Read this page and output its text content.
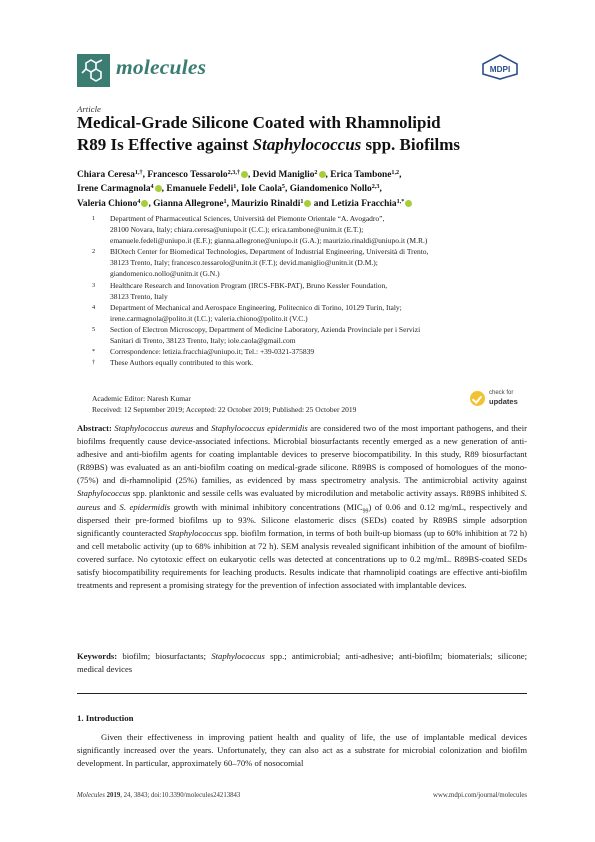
molecules	MDPI
Article
Medical-Grade Silicone Coated with Rhamnolipid
R89 Is Effective against Staphylococcus spp. Biofilms
Chiara Ceresa$^{1,\dagger}$, Francesco Tessarolo$^{2,3,\dagger}$ , Devid Maniglio$^2$ , Erica Tambone$^{1,2}$,
Irene Carmagnola$^4$ , Emanuele Fedeli$^1$, Iole Caola$^5$, Giandomenico Nollo$^{2,3}$,
Valeria Chiono$^4$ , Gianna Allegrone$^1$, Maurizio Rinaldi$^1$ and Letizia Fracchia$^{1,*}$
1 Department of Pharmaceutical Sciences, Università del Piemonte Orientale “A. Avogadro”,
28100 Novara, Italy; chiara.ceresa@uniupo.it (C.C.); erica.tambone@unitn.it (E.T.);
emanuele.fedeli@uniupo.it (E.F.); gianna.allegrone@uniupo.it (G.A.); maurizio.rinaldi@uniupo.it (M.R.)
2 BIOtech Center for Biomedical Technologies, Department of Industrial Engineering, Università di Trento,
38123 Trento, Italy; francesco.tessarolo@unitn.it (F.T.); devid.maniglio@unitn.it (D.M.);
giandomenico.nollo@unitn.it (G.N.)
3 Healthcare Research and Innovation Program (IRCS-FBK-PAT), Bruno Kessler Foundation,
38123 Trento, Italy
4 Department of Mechanical and Aerospace Engineering, Politecnico di Torino, 10129 Turin, Italy;
irene.carmagnola@polito.it (I.C.); valeria.chiono@polito.it (V.C.)
5 Section of Electron Microscopy, Department of Medicine Laboratory, Azienda Provinciale per i Servizi
Sanitari di Trento, 38123 Trento, Italy; iole.caola@gmail.com
* Correspondence: letizia.fracchia@uniupo.it; Tel.: +39-0321-375839
† These Authors equally contributed to this work.
Academic Editor: Naresh Kumar
Received: 12 September 2019; Accepted: 22 October 2019; Published: 25 October 2019
check for
updates
Abstract: Staphylococcus aureus and Staphylococcus epidermidis are considered two of the most important pathogens, and their biofilms frequently cause device-associated infections. Microbial biosurfactants recently emerged as a new generation of anti-adhesive and anti-biofilm agents for coating implantable devices to preserve biocompatibility. In this study, R89 biosurfactant (R89BS) was evaluated as an anti-biofilm coating on medical-grade silicone. R89BS is composed of homologues of the mono- (75%) and di-rhamnolipid (25%) families, as evidenced by mass spectrometry analysis. The antimicrobial activity against Staphylococcus spp. planktonic and sessile cells was evaluated by microdilution and metabolic activity assays. R89BS inhibited S. aureus and S. epidermidis growth with minimal inhibitory concentrations $(MIC_{99})$ of 0.06 and 0.12 mg/mL, respectively and dispersed their pre-formed biofilms up to 93%. Silicone elastomeric discs (SEDs) coated by R89BS simple adsorption significantly counteracted Staphylococcus spp. biofilm formation, in terms of both built-up biomass (up to 60% inhibition at 72 h) and cell metabolic activity (up to 68% inhibition at 72 h). SEM analysis revealed significant inhibition of the amount of biofilm-covered surface. No cytotoxic effect on eukaryotic cells was detected at concentrations up to 0.2 mg/mL. R89BS-coated SEDs satisfy biocompatibility requirements for leaching products. Results indicate that rhamnolipid coatings are effective anti-biofilm treatments and represent a promising strategy for the prevention of infection associated with implantable devices.
Keywords: biofilm; biosurfactants; Staphylococcus spp.; antimicrobial; anti-adhesive; anti-biofilm; biomaterials; silicone; medical devices
1. Introduction
Given their effectiveness in improving patient health and quality of life, the use of implantable medical devices significantly increased over the years. Unfortunately, they can also act as a substrate for microbial colonization and biofilm development. In particular, approximately 60–70% of nosocomial
Molecules 2019, 24, 3843; doi:10.3390/molecules24213843	www.mdpi.com/journal/molecules
